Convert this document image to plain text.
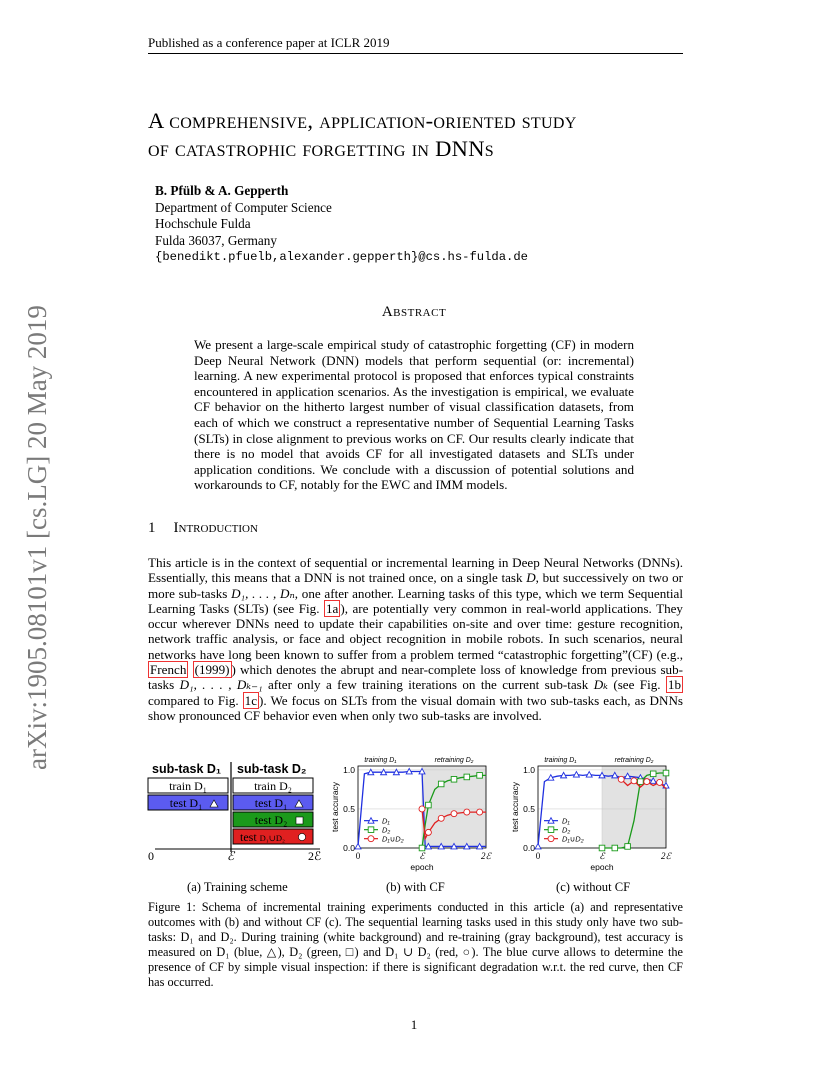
Published as a conference paper at ICLR 2019
arXiv:1905.08101v1 [cs.LG] 20 May 2019
A comprehensive, application-oriented study
of catastrophic forgetting in DNNs
B. Pfülb & A. Gepperth
Department of Computer Science
Hochschule Fulda
Fulda 36037, Germany
{benedikt.pfuelb,alexander.gepperth}@cs.hs-fulda.de
Abstract
We present a large-scale empirical study of catastrophic forgetting (CF) in modern Deep Neural Network (DNN) models that perform sequential (or: incremental) learning. A new experimental protocol is proposed that enforces typical constraints encountered in application scenarios. As the investigation is empirical, we evaluate CF behavior on the hitherto largest number of visual classification datasets, from each of which we construct a representative number of Sequential Learning Tasks (SLTs) in close alignment to previous works on CF. Our results clearly indicate that there is no model that avoids CF for all investigated datasets and SLTs under application conditions. We conclude with a discussion of potential solutions and workarounds to CF, notably for the EWC and IMM models.
1 Introduction
This article is in the context of sequential or incremental learning in Deep Neural Networks (DNNs). Essentially, this means that a DNN is not trained once, on a single task D, but successively on two or more sub-tasks D₁, . . . , Dₙ, one after another. Learning tasks of this type, which we term Sequential Learning Tasks (SLTs) (see Fig. 1a ), are potentially very common in real-world applications. They occur wherever DNNs need to update their capabilities on-site and over time: gesture recognition, network traffic analysis, or face and object recognition in mobile robots. In such scenarios, neural networks have long been known to suffer from a problem termed “catastrophic forgetting”(CF) (e.g., French (1999) ) which denotes the abrupt and near-complete loss of knowledge from previous sub-tasks D₁, . . . , Dₖ₋₁ after only a few training iterations on the current sub-task Dₖ (see Fig. 1b compared to Fig. 1c ). We focus on SLTs from the visual domain with two sub-tasks each, as DNNs show pronounced CF behavior even when only two sub-tasks are involved.
sub-task D₁ sub-task D₂
train D₁
test D₁
train D₂
test D₁
test D₂
test D₁∪D₂
0	ℰ	2ℰ
training D₁	retraining D₂
1.0
0.5
0.0
0	ℰ	2ℰ
epoch
test accuracy	D₁
D₂
D₁∪D₂
training D₁	retraining D₂
1.0
0.5
0.0
0	ℰ	2ℰ
epoch
test accuracy	D₁
D₂
D₁∪D₂
(a) Training scheme	(b) with CF	(c) without CF
Figure 1: Schema of incremental training experiments conducted in this article (a) and representative outcomes with (b) and without CF (c). The sequential learning tasks used in this study only have two sub-tasks: D₁ and D₂. During training (white background) and re-training (gray background), test accuracy is measured on D₁ (blue, △), D₂ (green, □) and D₁ ∪ D₂ (red, ○). The blue curve allows to determine the presence of CF by simple visual inspection: if there is significant degradation w.r.t. the red curve, then CF has occurred.
1
